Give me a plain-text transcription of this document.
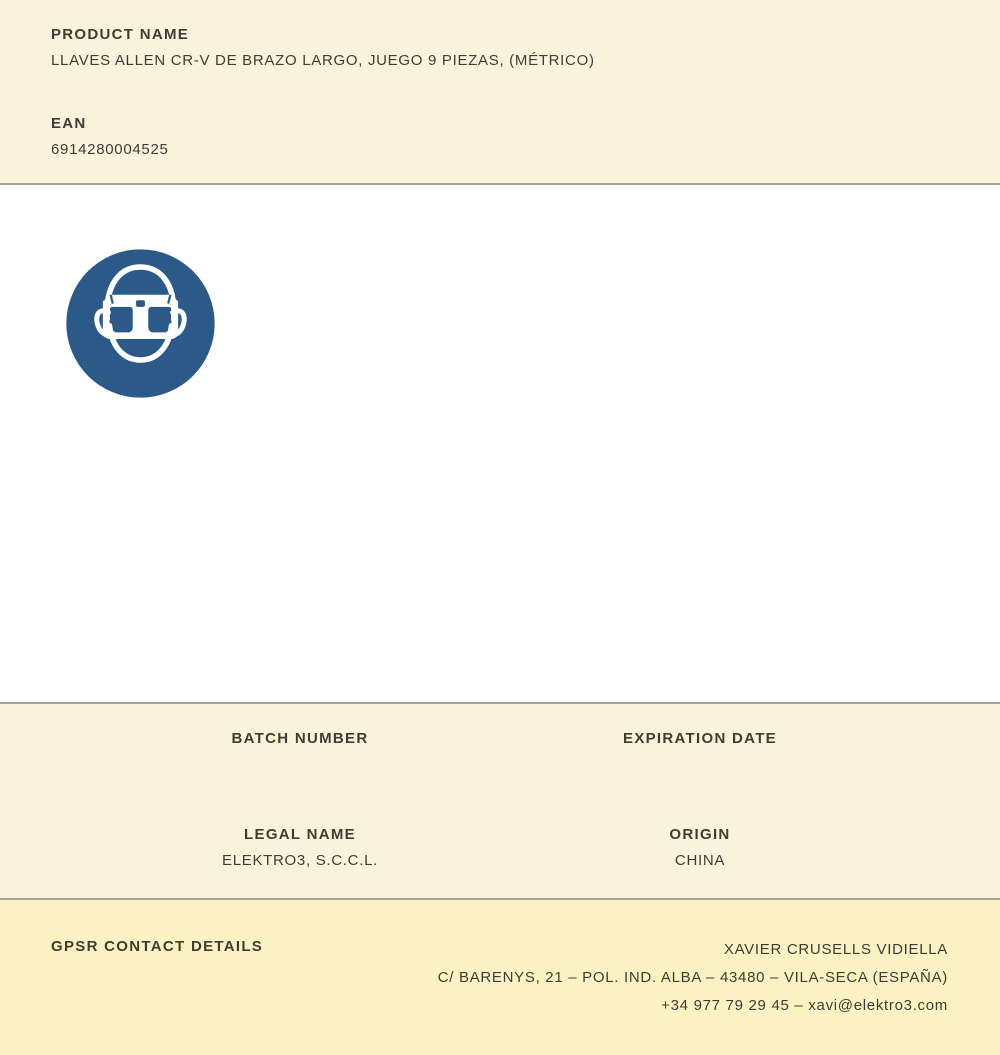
PRODUCT NAME
LLAVES ALLEN CR-V DE BRAZO LARGO, JUEGO 9 PIEZAS, (MÉTRICO)
EAN
6914280004525
BATCH NUMBER	EXPIRATION DATE
LEGAL NAME
ELEKTRO3, S.C.C.L.
ORIGIN
CHINA
GPSR CONTACT DETAILS	XAVIER CRUSELLS VIDIELLA
C/ BARENYS, 21 – POL. IND. ALBA – 43480 – VILA-SECA (ESPAÑA)
+34 977 79 29 45 – xavi@elektro3.com
